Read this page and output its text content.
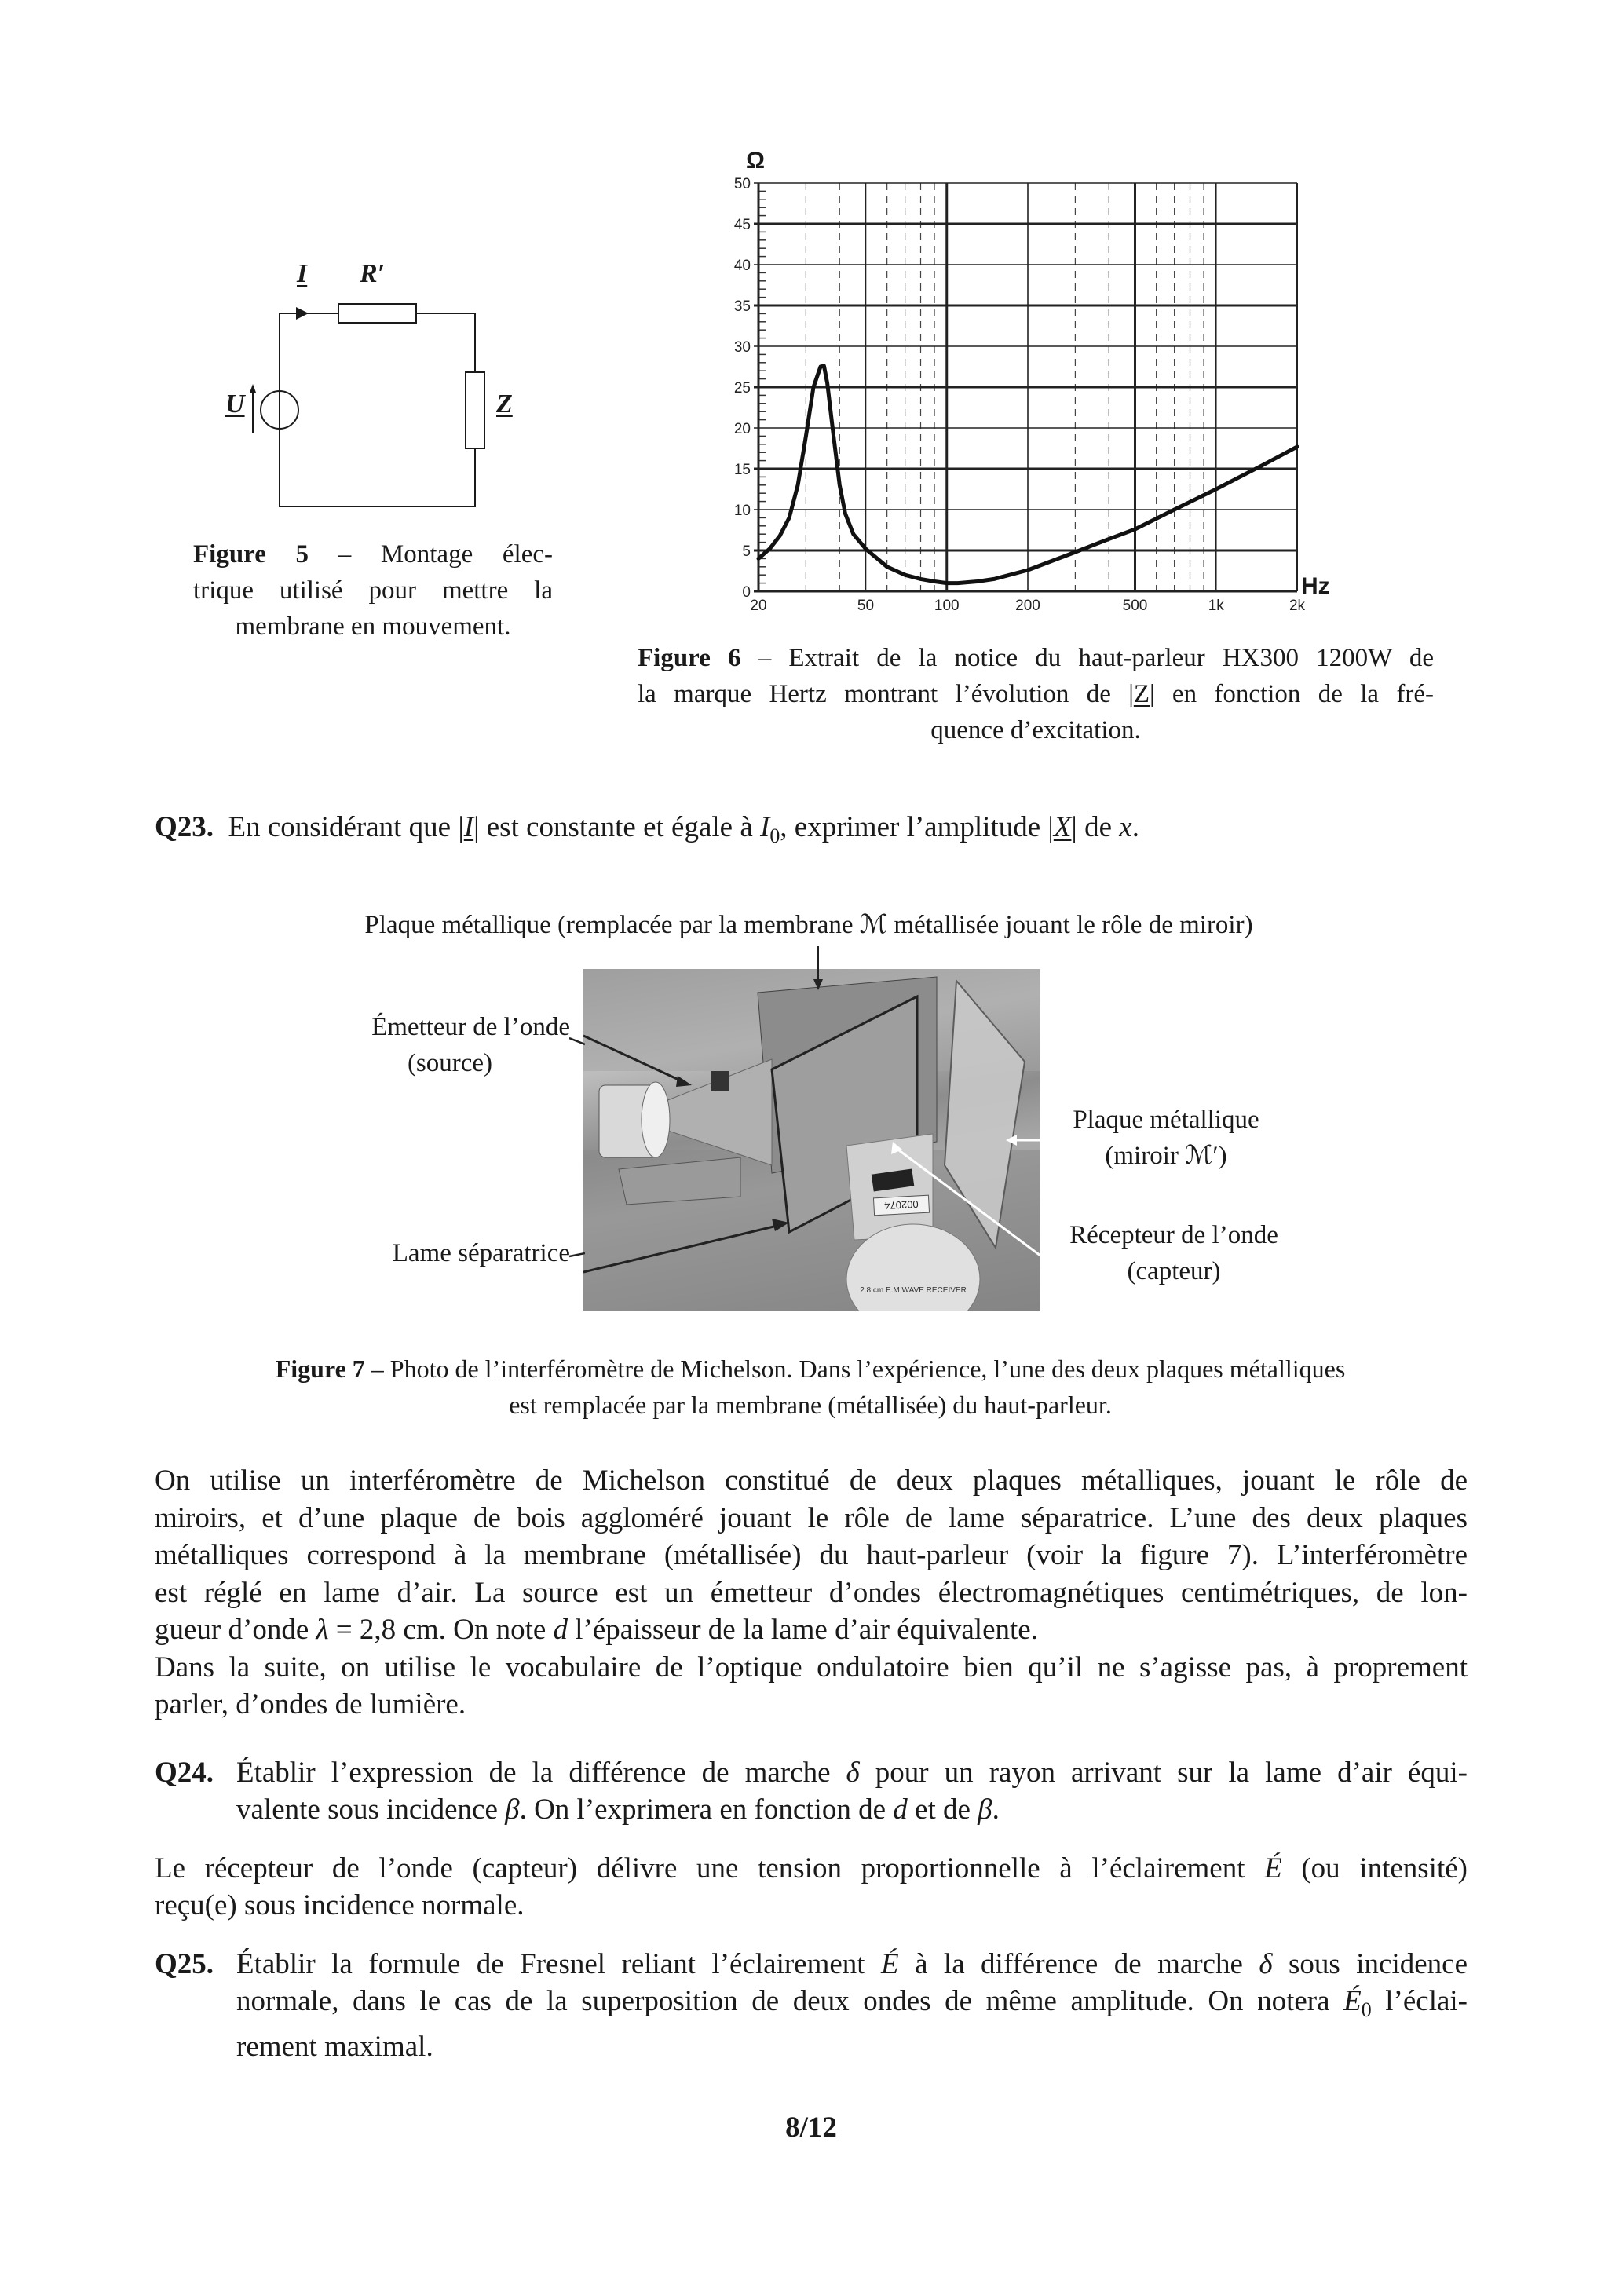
I R′
U	Z
Figure 5 – Montage élec-
trique utilisé pour mettre la
membrane en mouvement.
0
5
10
15
20
25
30
35
40
45
50
20	50	100	200	500	1k	2k
Ω
Hz
Figure 6 – Extrait de la notice du haut-parleur HX300 1200W de
la marque Hertz montrant l’évolution de |Z| en fonction de la fré-
quence d’excitation.
Q23. En considérant que |I| est constante et égale à $I_0$, exprimer l’amplitude |X| de x.
Plaque métallique (remplacée par la membrane ℳ métallisée jouant le rôle de miroir)
002074
2.8 cm E.M WAVE RECEIVER
Émetteur de l’onde
(source)
Lame séparatrice
Plaque métallique
(miroir ℳ′)
Récepteur de l’onde
(capteur)
Figure 7 – Photo de l’interféromètre de Michelson. Dans l’expérience, l’une des deux plaques métalliques
est remplacée par la membrane (métallisée) du haut-parleur.
On utilise un interféromètre de Michelson constitué de deux plaques métalliques, jouant le rôle de
miroirs, et d’une plaque de bois aggloméré jouant le rôle de lame séparatrice. L’une des deux plaques
métalliques correspond à la membrane (métallisée) du haut-parleur (voir la figure 7). L’interféromètre
est réglé en lame d’air. La source est un émetteur d’ondes électromagnétiques centimétriques, de lon-
gueur d’onde λ = 2,8 cm. On note d l’épaisseur de la lame d’air équivalente.
Dans la suite, on utilise le vocabulaire de l’optique ondulatoire bien qu’il ne s’agisse pas, à proprement
parler, d’ondes de lumière.
Q24. Établir l’expression de la différence de marche δ pour un rayon arrivant sur la lame d’air équi-
valente sous incidence β. On l’exprimera en fonction de d et de β.
Le récepteur de l’onde (capteur) délivre une tension proportionnelle à l’éclairement É (ou intensité)
reçu(e) sous incidence normale.
Q25. Établir la formule de Fresnel reliant l’éclairement É à la différence de marche δ sous incidence
normale, dans le cas de la superposition de deux ondes de même amplitude. On notera $É_0$ l’éclai-
rement maximal.
8/12
